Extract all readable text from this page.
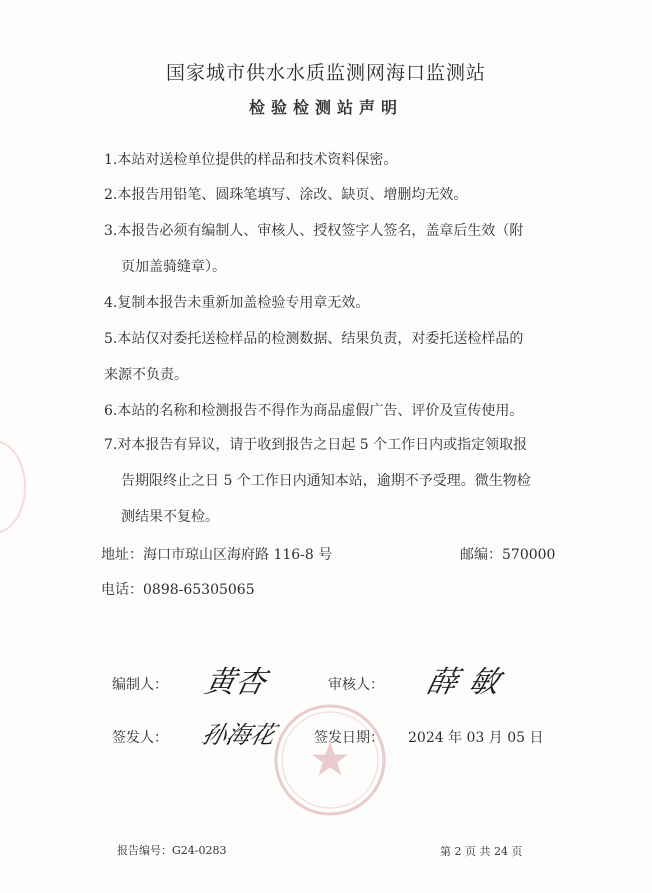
国家城市供水水质监测网海口监测站
检验检测站声明
1.本站对送检单位提供的样品和技术资料保密。
2.本报告用铅笔、圆珠笔填写、涂改、缺页、增删均无效。
3.本报告必须有编制人、审核人、授权签字人签名，盖章后生效（附
页加盖骑缝章）。
4.复制本报告未重新加盖检验专用章无效。
5.本站仅对委托送检样品的检测数据、结果负责，对委托送检样品的
来源不负责。
6.本站的名称和检测报告不得作为商品虚假广告、评价及宣传使用。
7.对本报告有异议，请于收到报告之日起 5 个工作日内或指定领取报
告期限终止之日 5 个工作日内通知本站，逾期不予受理。微生物检
测结果不复检。
地址：海口市琼山区海府路 116-8 号	邮编：570000
电话：0898-65305065
编制人： 黄杏	审核人： 薛敏
签发人： 孙海花	签发日期： 2024 年 03 月 05 日
报告编号：G24-0283	第 2 页 共 24 页
